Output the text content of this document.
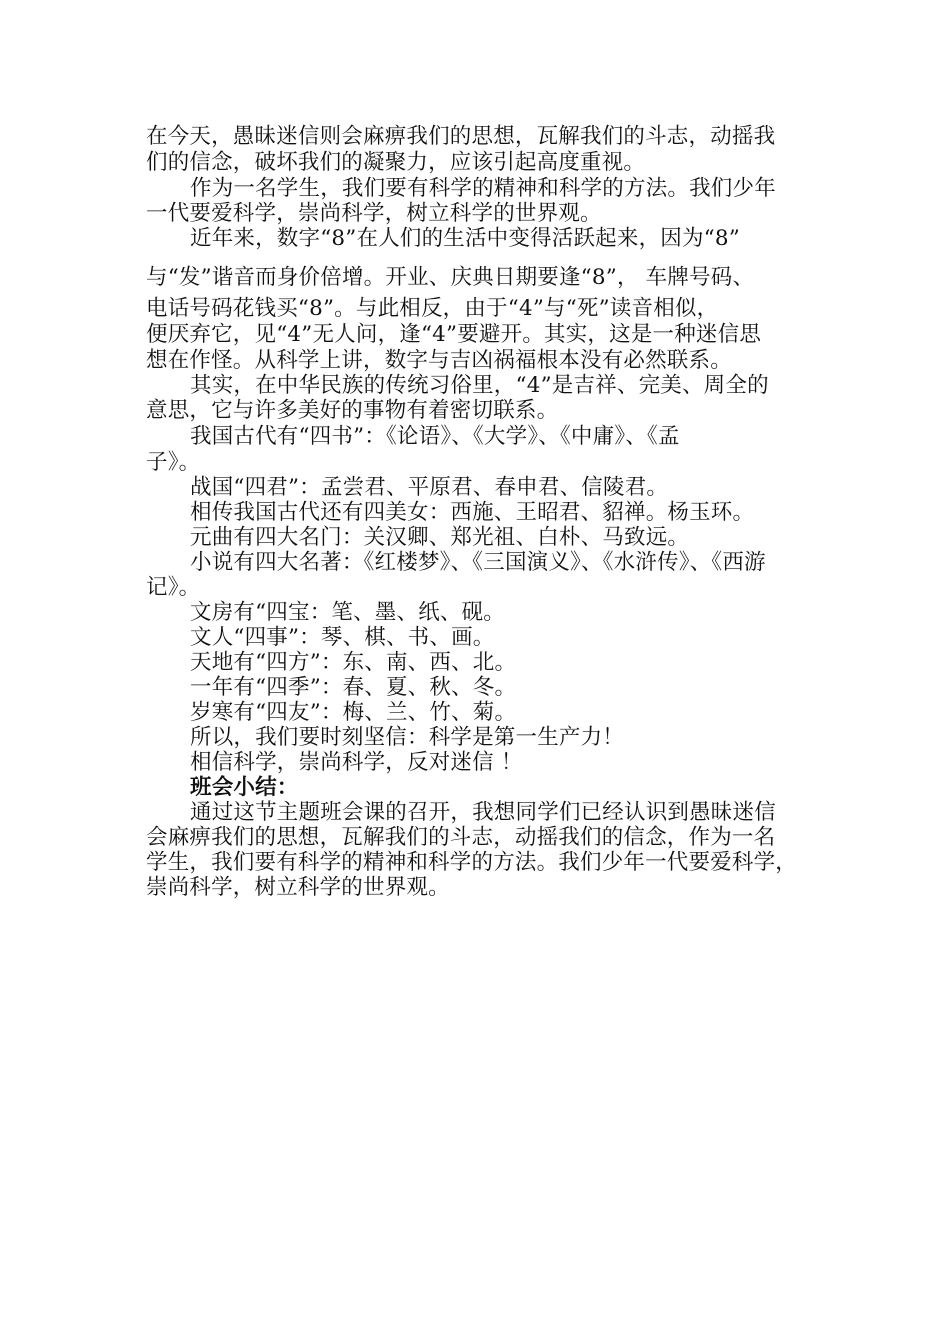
在今天，愚昧迷信则会麻痹我们的思想，瓦解我们的斗志，动摇我
们的信念，破坏我们的凝聚力，应该引起高度重视。
作为一名学生，我们要有科学的精神和科学的方法。我们少年
一代要爱科学，崇尚科学，树立科学的世界观。
近年来，数字“8”在人们的生活中变得活跃起来，因为“8”
与“发”谐音而身价倍增。开业、庆典日期要逢“8”， 车牌号码、
电话号码花钱买“8”。与此相反，由于“4”与“死”读音相似，
便厌弃它，见“4”无人问，逢“4”要避开。其实，这是一种迷信思
想在作怪。从科学上讲，数字与吉凶祸福根本没有必然联系。
其实，在中华民族的传统习俗里，“4”是吉祥、完美、周全的
意思，它与许多美好的事物有着密切联系。
我国古代有“四书”：《论语》、《大学》、《中庸》、《孟
子》。
战国“四君”：孟尝君、平原君、春申君、信陵君。
相传我国古代还有四美女：西施、王昭君、貂禅。杨玉环。
元曲有四大名门：关汉卿、郑光祖、白朴、马致远。
小说有四大名著：《红楼梦》、《三国演义》、《水浒传》、《西游
记》。
文房有“四宝：笔、墨、纸、砚。
文人“四事”：琴、棋、书、画。
天地有“四方”：东、南、西、北。
一年有“四季”：春、夏、秋、冬。
岁寒有“四友”：梅、兰、竹、菊。
所以，我们要时刻坚信：科学是第一生产力！
相信科学，崇尚科学，反对迷信 ！
班会小结：
通过这节主题班会课的召开，我想同学们已经认识到愚昧迷信
会麻痹我们的思想，瓦解我们的斗志，动摇我们的信念，作为一名
学生，我们要有科学的精神和科学的方法。我们少年一代要爱科学，
崇尚科学，树立科学的世界观。
